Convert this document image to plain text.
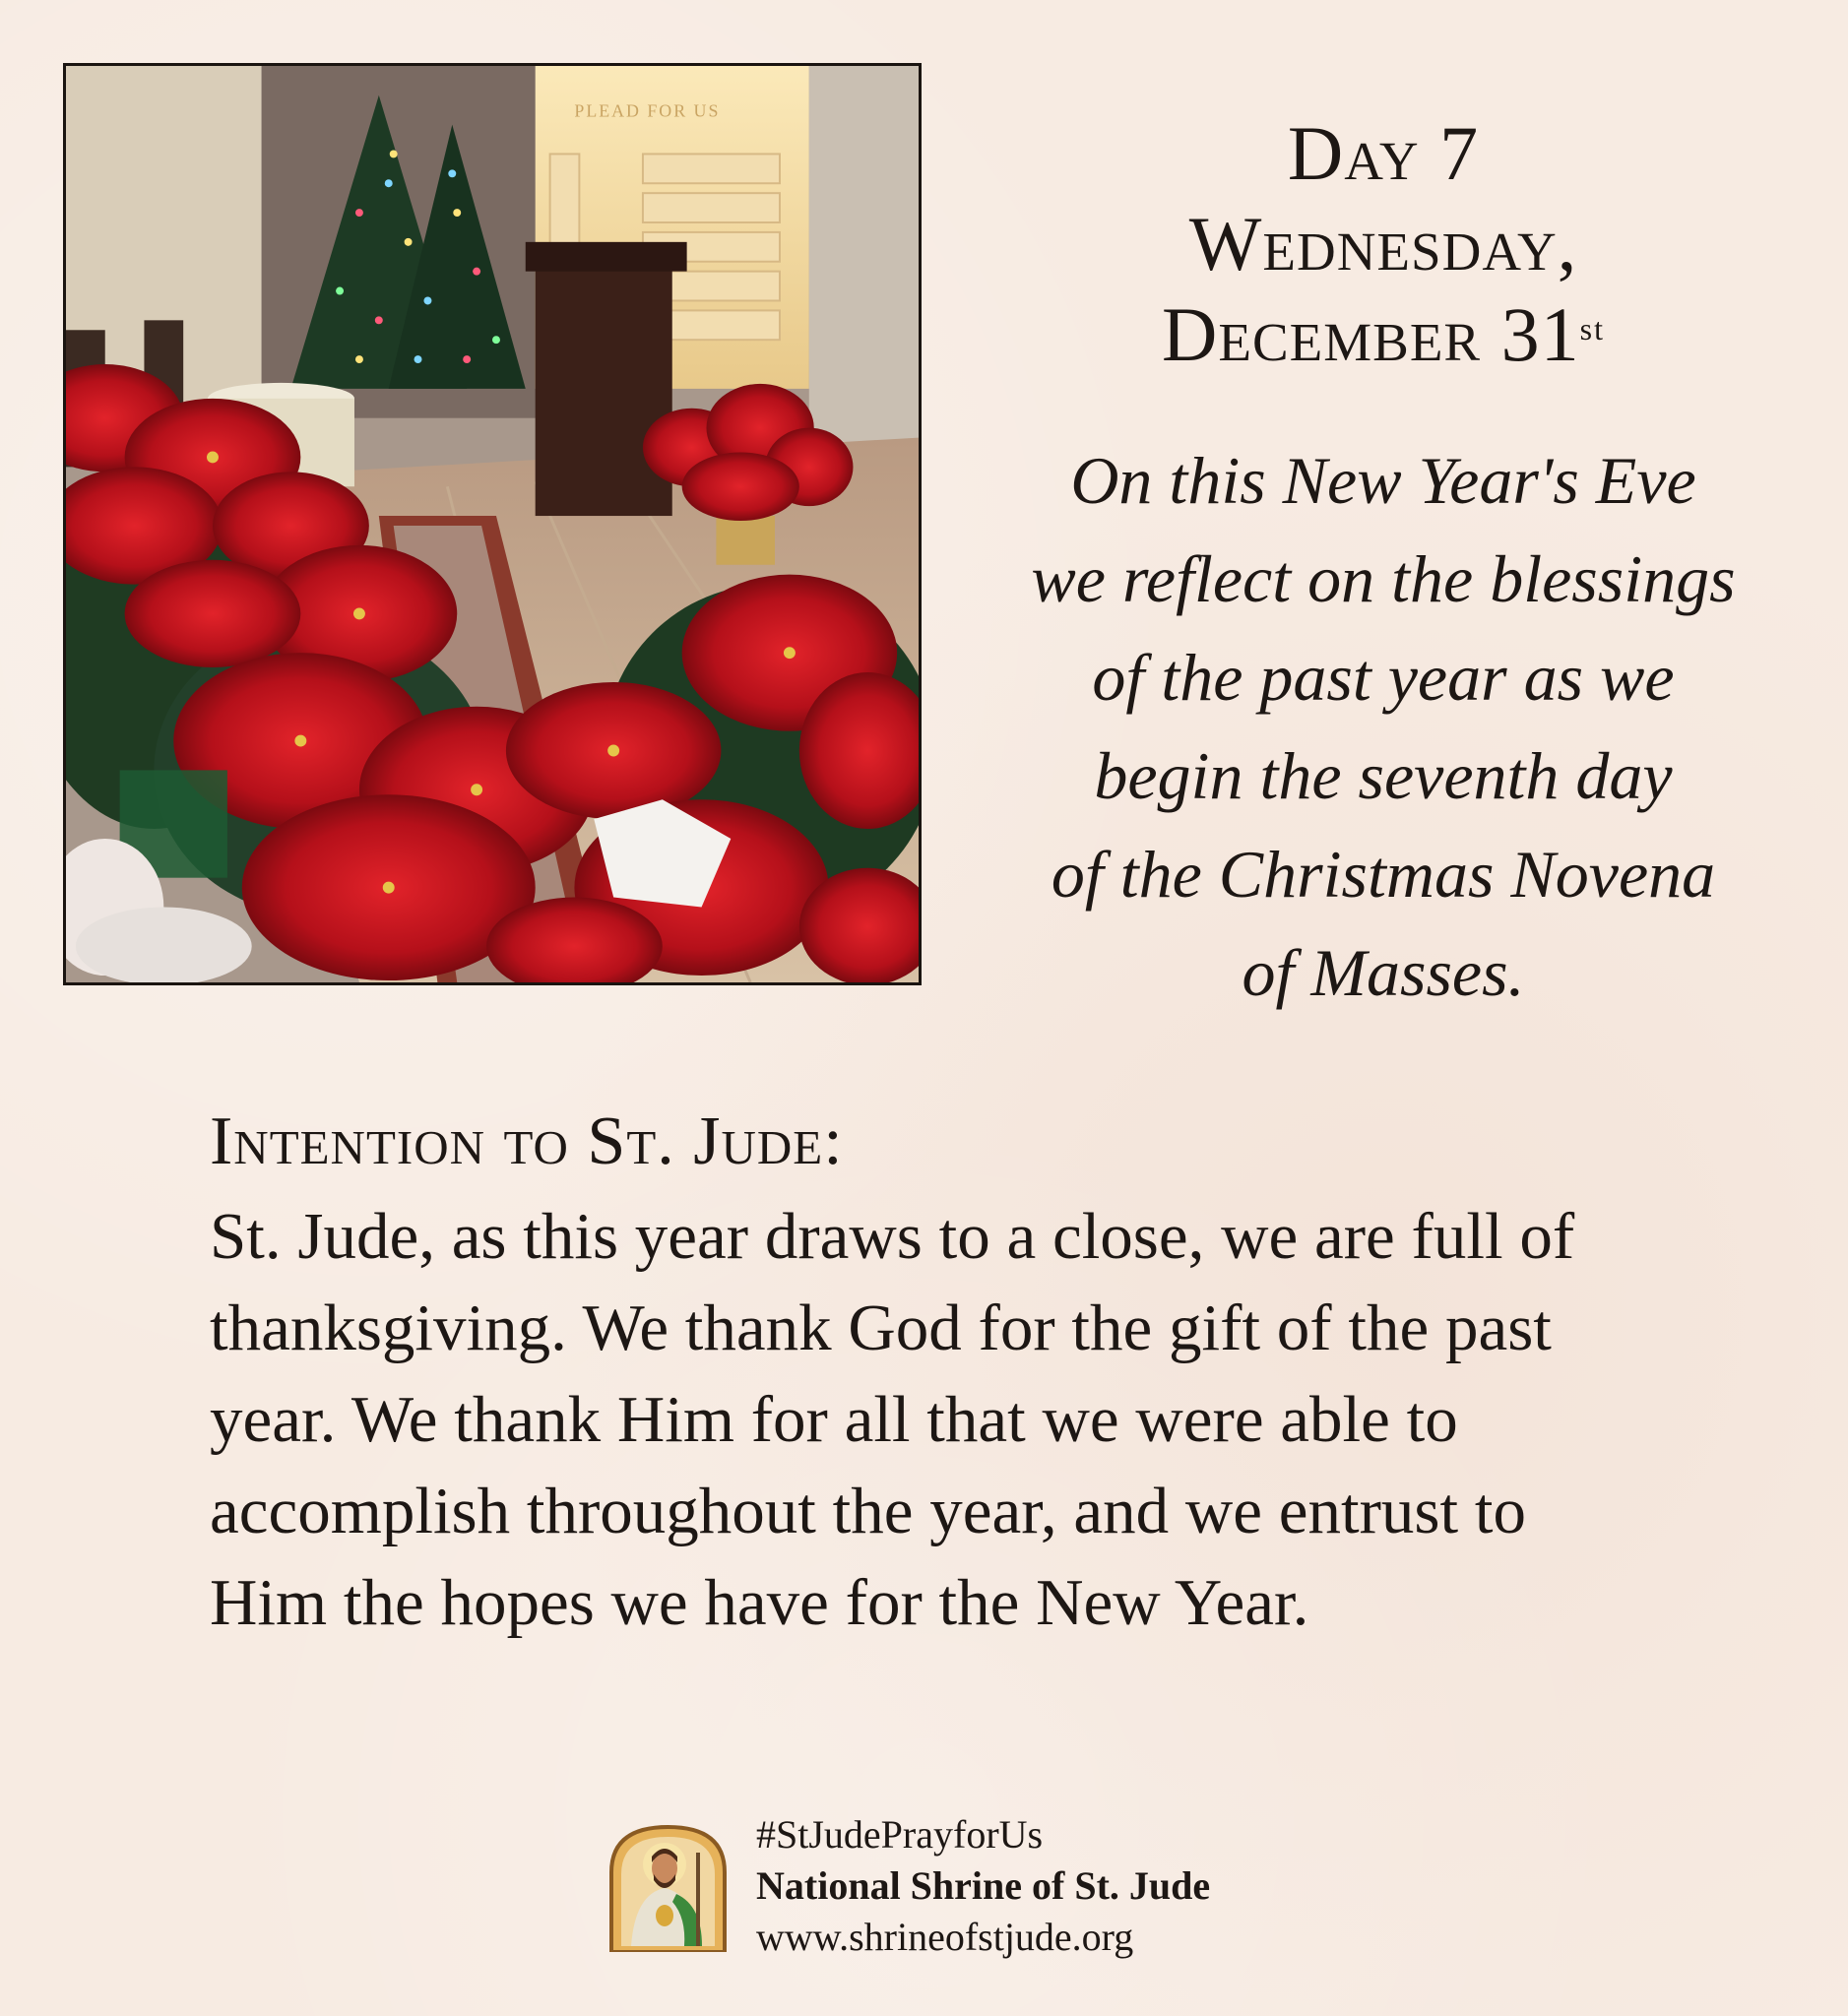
PLEAD FOR US	Day 7
Wednesday,
December 31st
On this New Year's Eve
we reflect on the blessings
of the past year as we
begin the seventh day
of the Christmas Novena
of Masses.
Intention to St. Jude:
St. Jude, as this year draws to a close, we are full of
thanksgiving. We thank God for the gift of the past
year. We thank Him for all that we were able to
accomplish throughout the year, and we entrust to
Him the hopes we have for the New Year.
#StJudePrayforUs
National Shrine of St. Jude
www.shrineofstjude.org
